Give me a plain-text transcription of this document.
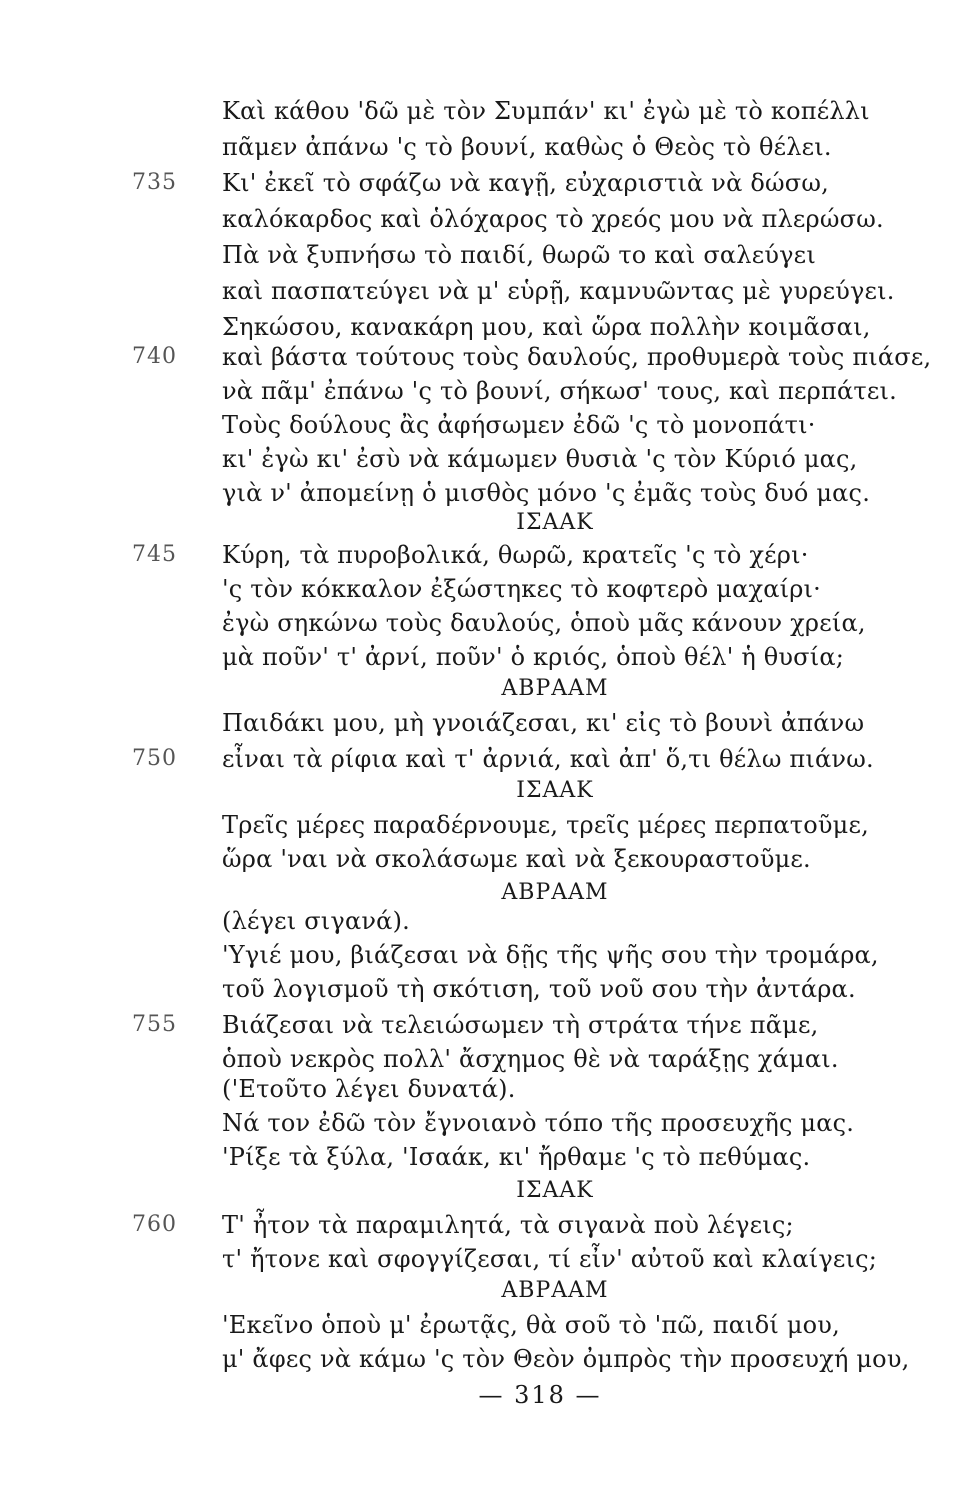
Καὶ κάθου 'δῶ μὲ τὸν Συμπάν' κι' ἐγὼ μὲ τὸ κοπέλλι
πᾶμεν ἀπάνω 'ς τὸ βουνί, καθὼς ὁ Θεὸς τὸ θέλει.
735 Κι' ἐκεῖ τὸ σφάζω νὰ καγῇ, εὐχαριστιὰ νὰ δώσω,
καλόκαρδος καὶ ὁλόχαρος τὸ χρεός μου νὰ πλερώσω.
Πὰ νὰ ξυπνήσω τὸ παιδί, θωρῶ το καὶ σαλεύγει
καὶ πασπατεύγει νὰ μ' εὑρῇ, καμνυῶντας μὲ γυρεύγει.
Σηκώσου, κανακάρη μου, καὶ ὥρα πολλὴν κοιμᾶσαι,
740 καὶ βάστα τούτους τοὺς δαυλούς, προθυμερὰ τοὺς πιάσε,
νὰ πᾶμ' ἐπάνω 'ς τὸ βουνί, σήκωσ' τους, καὶ περπάτει.
Τοὺς δούλους ἂς ἀφήσωμεν ἐδῶ 'ς τὸ μονοπάτι·
κι' ἐγὼ κι' ἐσὺ νὰ κάμωμεν θυσιὰ 'ς τὸν Κύριό μας,
γιὰ ν' ἀπομείνῃ ὁ μισθὸς μόνο 'ς ἐμᾶς τοὺς δυό μας.
ΙΣΑΑΚ
745 Κύρη, τὰ πυροβολικά, θωρῶ, κρατεῖς 'ς τὸ χέρι·
'ς τὸν κόκκαλον ἐξώστηκες τὸ κοφτερὸ μαχαίρι·
ἐγὼ σηκώνω τοὺς δαυλούς, ὁποὺ μᾶς κάνουν χρεία,
μὰ ποῦν' τ' ἀρνί, ποῦν' ὁ κριός, ὁποὺ θέλ' ἡ θυσία;
ΑΒΡΑΑΜ
Παιδάκι μου, μὴ γνοιάζεσαι, κι' εἰς τὸ βουνὶ ἀπάνω
750 εἶναι τὰ ρίφια καὶ τ' ἀρνιά, καὶ ἀπ' ὅ,τι θέλω πιάνω.
ΙΣΑΑΚ
Τρεῖς μέρες παραδέρνουμε, τρεῖς μέρες περπατοῦμε,
ὥρα 'ναι νὰ σκολάσωμε καὶ νὰ ξεκουραστοῦμε.
ΑΒΡΑΑΜ
(λέγει σιγανά).
'Υγιέ μου, βιάζεσαι νὰ δῇς τῆς ψῆς σου τὴν τρομάρα,
τοῦ λογισμοῦ τὴ σκότιση, τοῦ νοῦ σου τὴν ἀντάρα.
755 Βιάζεσαι νὰ τελειώσωμεν τὴ στράτα τήνε πᾶμε,
ὁποὺ νεκρὸς πολλ' ἄσχημος θὲ νὰ ταράξῃς χάμαι.
('Ετοῦτο λέγει δυνατά).
Νά τον ἐδῶ τὸν ἔγνοιανὸ τόπο τῆς προσευχῆς μας.
'Ρίξε τὰ ξύλα, 'Ισαάκ, κι' ἤρθαμε 'ς τὸ πεθύμας.
ΙΣΑΑΚ
760 Τ' ἦτον τὰ παραμιλητά, τὰ σιγανὰ ποὺ λέγεις;
τ' ἤτονε καὶ σφογγίζεσαι, τί εἶν' αὐτοῦ καὶ κλαίγεις;
ΑΒΡΑΑΜ
'Εκεῖνο ὁποὺ μ' ἐρωτᾷς, θὰ σοῦ τὸ 'πῶ, παιδί μου,
μ' ἄφες νὰ κάμω 'ς τὸν Θεὸν ὀμπρὸς τὴν προσευχή μου,
— 318 —
